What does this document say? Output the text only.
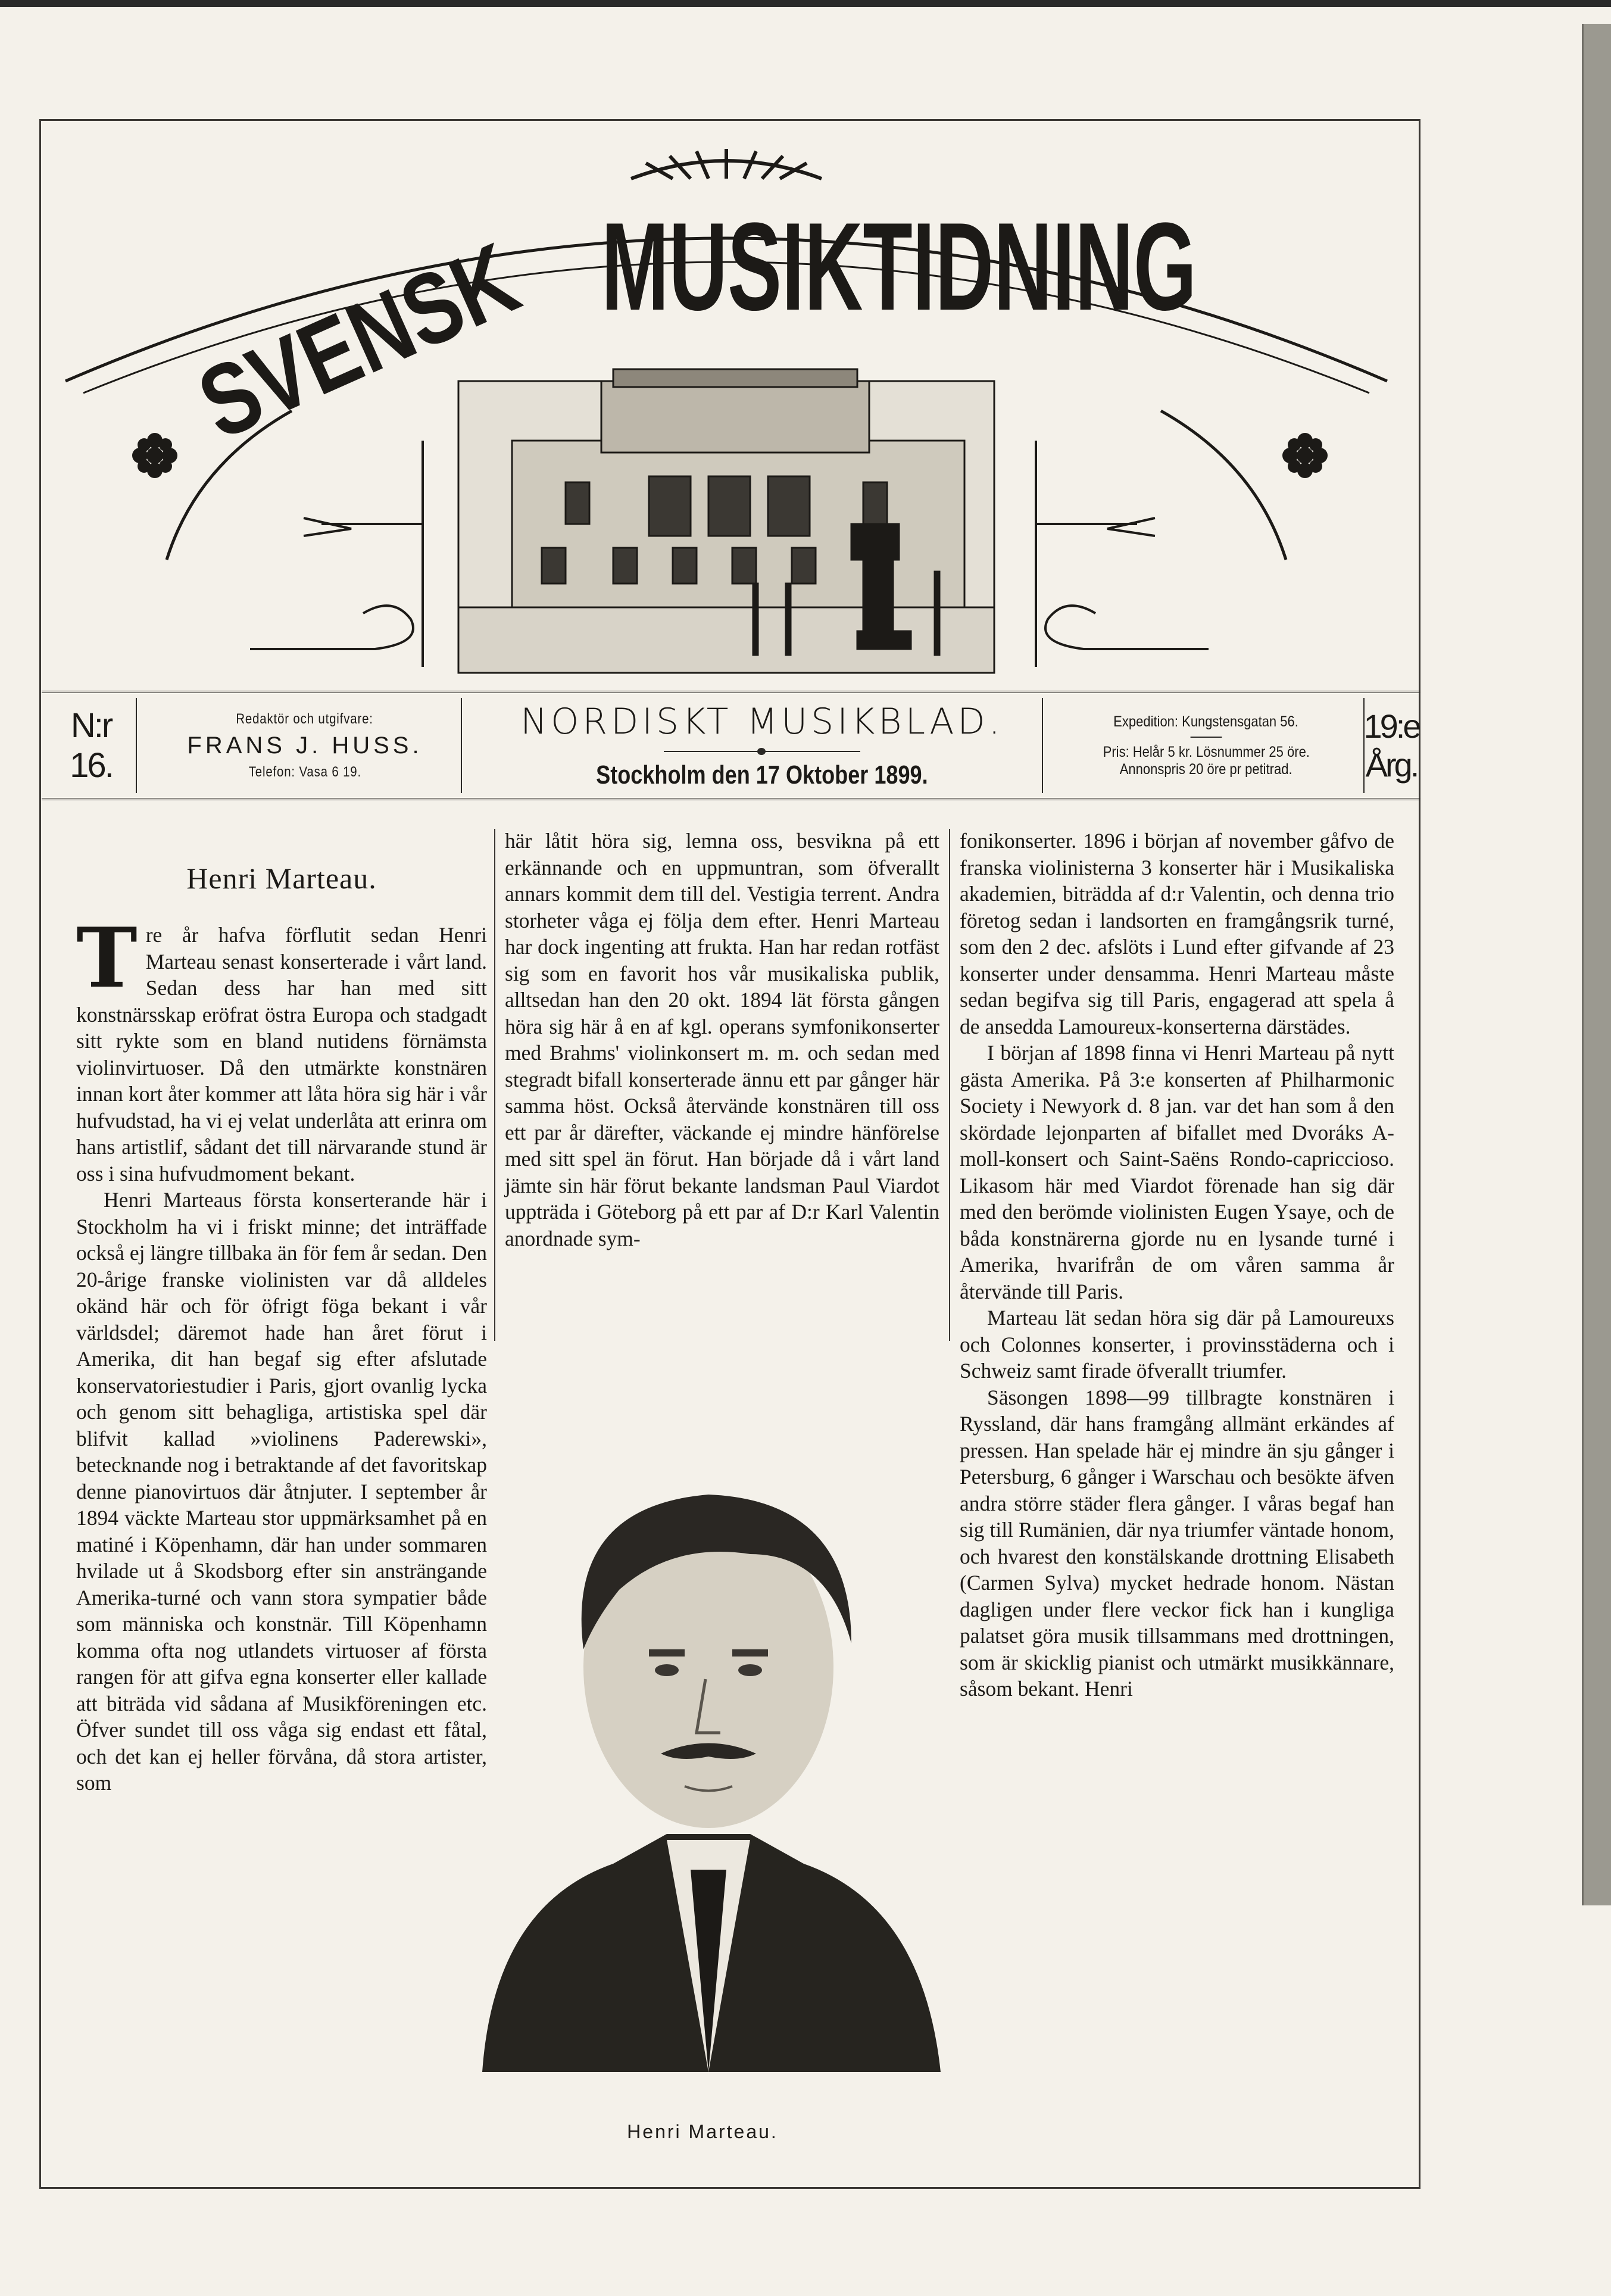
SVENSK
MUSIKTIDNING
N:r 16.
Redaktör och utgifvare:
FRANS J. HUSS.
Telefon: Vasa 6 19.
NORDISKT MUSIKBLAD.
Stockholm den 17 Oktober 1899.
Expedition: Kungstensgatan 56.
Pris: Helår 5 kr. Lösnummer 25 öre.
Annonspris 20 öre pr petitrad.
19:e Årg.
Henri Marteau.

Tre år hafva förflutit sedan Henri Marteau senast konserterade i vårt land. Sedan dess har han med sitt konstnärsskap eröfrat östra Europa och stadgadt sitt rykte som en bland nutidens förnämsta violinvirtuoser. Då den utmärkte konstnären innan kort åter kommer att låta höra sig här i vår hufvudstad, ha vi ej velat underlåta att erinra om hans artistlif, sådant det till närvarande stund är oss i sina hufvudmoment bekant.

Henri Marteaus första konserterande här i Stockholm ha vi i friskt minne; det inträffade också ej längre tillbaka än för fem år sedan. Den 20-årige franske violinisten var då alldeles okänd här och för öfrigt föga bekant i vår världsdel; däremot hade han året förut i Amerika, dit han begaf sig efter afslutade konservatoriestudier i Paris, gjort ovanlig lycka och genom sitt behagliga, artistiska spel där blifvit kallad »violinens Paderewski», betecknande nog i betraktande af det favoritskap denne pianovirtuos där åtnjuter. I september år 1894 väckte Marteau stor uppmärksamhet på en matiné i Köpenhamn, där han under sommaren hvilade ut å Skodsborg efter sin ansträngande Amerika-turné och vann stora sympatier både som människa och konstnär. Till Köpenhamn komma ofta nog utlandets virtuoser af första rangen för att gifva egna konserter eller kallade att biträda vid sådana af Musikföreningen etc. Öfver sundet till oss våga sig endast ett fåtal, och det kan ej heller förvåna, då stora artister, som

här låtit höra sig, lemna oss, besvikna på ett erkännande och en uppmuntran, som öfverallt annars kommit dem till del. Vestigia terrent. Andra storheter våga ej följa dem efter. Henri Marteau har dock ingenting att frukta. Han har redan rotfäst sig som en favorit hos vår musikaliska publik, alltsedan han den 20 okt. 1894 lät första gången höra sig här å en af kgl. operans symfonikonserter med Brahms' violinkonsert m. m. och sedan med stegradt bifall konserterade ännu ett par gånger här samma höst. Också återvände konstnären till oss ett par år därefter, väckande ej mindre hänförelse med sitt spel än förut. Han började då i vårt land jämte sin här förut bekante landsman Paul Viardot uppträda i Göteborg på ett par af D:r Karl Valentin anordnade sym-

fonikonserter. 1896 i början af november gåfvo de franska violinisterna 3 konserter här i Musikaliska akademien, biträdda af d:r Valentin, och denna trio företog sedan i landsorten en framgångsrik turné, som den 2 dec. afslöts i Lund efter gifvande af 23 konserter under densamma. Henri Marteau måste sedan begifva sig till Paris, engagerad att spela å de ansedda Lamoureux-konserterna därstädes.

I början af 1898 finna vi Henri Marteau på nytt gästa Amerika. På 3:e konserten af Philharmonic Society i Newyork d. 8 jan. var det han som å den skördade lejonparten af bifallet med Dvoráks A-moll-konsert och Saint-Saëns Rondo-capriccioso. Likasom här med Viardot förenade han sig där med den berömde violinisten Eugen Ysaye, och de båda konstnärerna gjorde nu en lysande turné i Amerika, hvarifrån de om våren samma år återvände till Paris.

Marteau lät sedan höra sig där på Lamoureuxs och Colonnes konserter, i provinsstäderna och i Schweiz samt firade öfverallt triumfer.

Säsongen 1898—99 tillbragte konstnären i Ryssland, där hans framgång allmänt erkändes af pressen. Han spelade här ej mindre än sju gånger i Petersburg, 6 gånger i Warschau och besökte äfven andra större städer flera gånger. I våras begaf han sig till Rumänien, där nya triumfer väntade honom, och hvarest den konstälskande drottning Elisabeth (Carmen Sylva) mycket hedrade honom. Nästan dagligen under flere veckor fick han i kungliga palatset göra musik tillsammans med drottningen, som är skicklig pianist och utmärkt musikkännare, såsom bekant. Henri

Henri Marteau.
